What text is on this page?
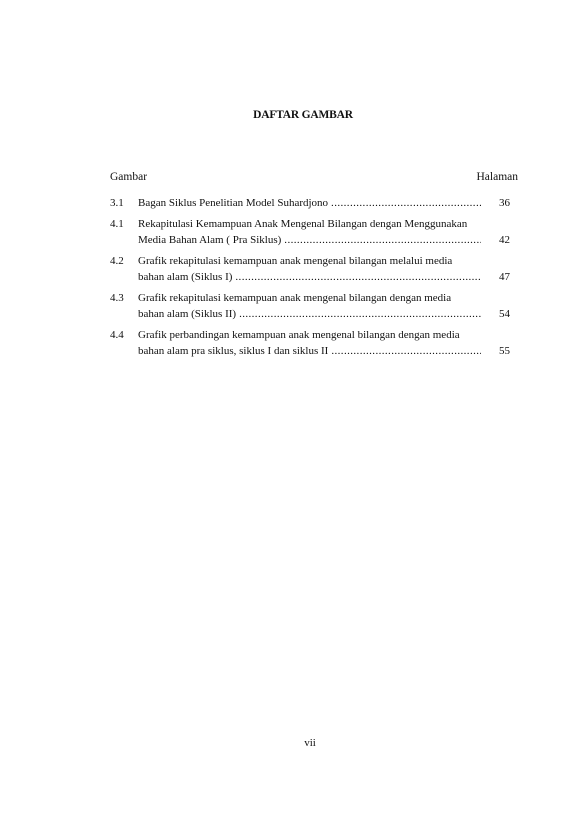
DAFTAR GAMBAR
Gambar	Halaman
3.1 Bagan Siklus Penelitian Model Suhardjono .....	36
4.1 Rekapitulasi Kemampuan Anak Mengenal Bilangan dengan Menggunakan
Media Bahan Alam ( Pra Siklus) .....	42
4.2 Grafik rekapitulasi kemampuan anak mengenal bilangan melalui media
bahan alam (Siklus I) .....	47
4.3 Grafik rekapitulasi kemampuan anak mengenal bilangan dengan media
bahan alam (Siklus II) .....	54
4.4 Grafik perbandingan kemampuan anak mengenal bilangan dengan media
bahan alam pra siklus, siklus I dan siklus II .....	55
vii
